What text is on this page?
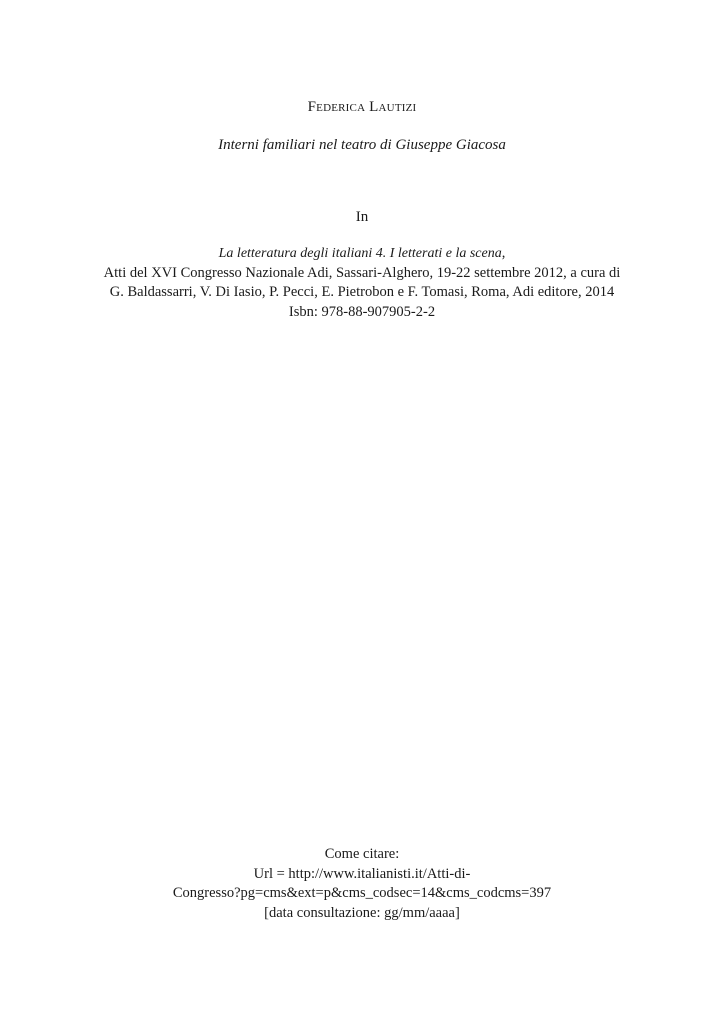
Federica Lautizi
Interni familiari nel teatro di Giuseppe Giacosa
In
La letteratura degli italiani 4. I letterati e la scena,
Atti del XVI Congresso Nazionale Adi, Sassari-Alghero, 19-22 settembre 2012, a cura di
G. Baldassarri, V. Di Iasio, P. Pecci, E. Pietrobon e F. Tomasi, Roma, Adi editore, 2014
Isbn: 978-88-907905-2-2
Come citare:
Url = http://www.italianisti.it/Atti-di-
Congresso?pg=cms&ext=p&cms_codsec=14&cms_codcms=397
[data consultazione: gg/mm/aaaa]
